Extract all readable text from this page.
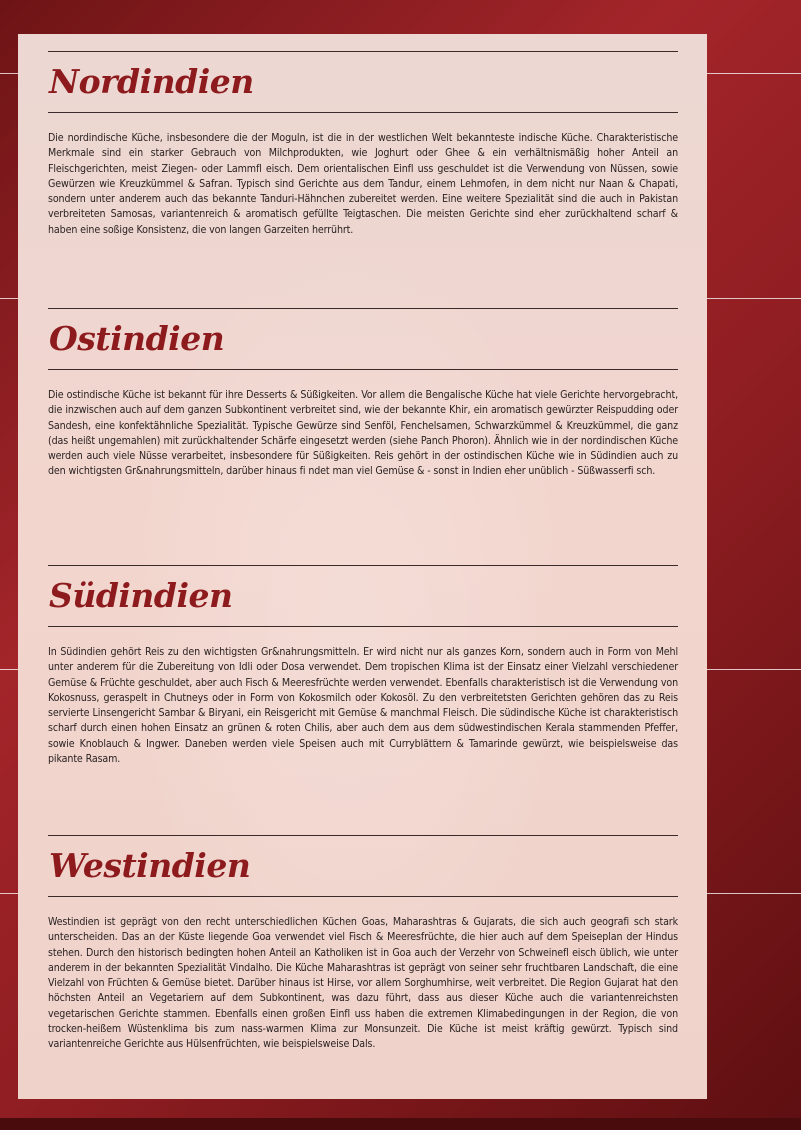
Nordindien

Die nordindische Küche, insbesondere die der Moguln, ist die in der westlichen Welt bekannteste indische Küche. Charakteristische Merkmale sind ein starker Gebrauch von Milchprodukten, wie Joghurt oder Ghee & ein verhältnismäßig hoher Anteil an Fleischgerichten, meist Ziegen- oder Lammfl eisch. Dem orientalischen Einfl uss geschuldet ist die Verwendung von Nüssen, sowie Gewürzen wie Kreuzkümmel & Safran. Typisch sind Gerichte aus dem Tandur, einem Lehmofen, in dem nicht nur Naan & Chapati, sondern unter anderem auch das bekannte Tanduri-Hähnchen zubereitet werden. Eine weitere Spezialität sind die auch in Pakistan verbreiteten Samosas, variantenreich & aromatisch gefüllte Teigtaschen. Die meisten Gerichte sind eher zurückhaltend scharf & haben eine soßige Konsistenz, die von langen Garzeiten herrührt.

Ostindien

Die ostindische Küche ist bekannt für ihre Desserts & Süßigkeiten. Vor allem die Bengalische Küche hat viele Gerichte hervorgebracht, die inzwischen auch auf dem ganzen Subkontinent verbreitet sind, wie der bekannte Khir, ein aromatisch gewürzter Reispudding oder Sandesh, eine konfektähnliche Spezialität. Typische Gewürze sind Senföl, Fenchelsamen, Schwarzkümmel & Kreuzkümmel, die ganz (das heißt ungemahlen) mit zurückhaltender Schärfe eingesetzt werden (siehe Panch Phoron). Ähnlich wie in der nordindischen Küche werden auch viele Nüsse verarbeitet, insbesondere für Süßigkeiten. Reis gehört in der ostindischen Küche wie in Südindien auch zu den wichtigsten Gr&nahrungsmitteln, darüber hinaus fi ndet man viel Gemüse & - sonst in Indien eher unüblich - Süßwasserfi sch.

Südindien

In Südindien gehört Reis zu den wichtigsten Gr&nahrungsmitteln. Er wird nicht nur als ganzes Korn, sondern auch in Form von Mehl unter anderem für die Zubereitung von Idli oder Dosa verwendet. Dem tropischen Klima ist der Einsatz einer Vielzahl verschiedener Gemüse & Früchte geschuldet, aber auch Fisch & Meeresfrüchte werden verwendet. Ebenfalls charakteristisch ist die Verwendung von Kokosnuss, geraspelt in Chutneys oder in Form von Kokosmilch oder Kokosöl. Zu den verbreitetsten Gerichten gehören das zu Reis servierte Linsengericht Sambar & Biryani, ein Reisgericht mit Gemüse & manchmal Fleisch. Die südindische Küche ist charakteristisch scharf durch einen hohen Einsatz an grünen & roten Chilis, aber auch dem aus dem südwestindischen Kerala stammenden Pfeffer, sowie Knoblauch & Ingwer. Daneben werden viele Speisen auch mit Curryblättern & Tamarinde gewürzt, wie beispielsweise das pikante Rasam.

Westindien

Westindien ist geprägt von den recht unterschiedlichen Küchen Goas, Maharashtras & Gujarats, die sich auch geografi sch stark unterscheiden. Das an der Küste liegende Goa verwendet viel Fisch & Meeresfrüchte, die hier auch auf dem Speiseplan der Hindus stehen. Durch den historisch bedingten hohen Anteil an Katholiken ist in Goa auch der Verzehr von Schweinefl eisch üblich, wie unter anderem in der bekannten Spezialität Vindalho. Die Küche Maharashtras ist geprägt von seiner sehr fruchtbaren Landschaft, die eine Vielzahl von Früchten & Gemüse bietet. Darüber hinaus ist Hirse, vor allem Sorghumhirse, weit verbreitet. Die Region Gujarat hat den höchsten Anteil an Vegetariern auf dem Subkontinent, was dazu führt, dass aus dieser Küche auch die variantenreichsten vegetarischen Gerichte stammen. Ebenfalls einen großen Einfl uss haben die extremen Klimabedingungen in der Region, die von trocken-heißem Wüstenklima bis zum nass-warmen Klima zur Monsunzeit. Die Küche ist meist kräftig gewürzt. Typisch sind variantenreiche Gerichte aus Hülsenfrüchten, wie beispielsweise Dals.
